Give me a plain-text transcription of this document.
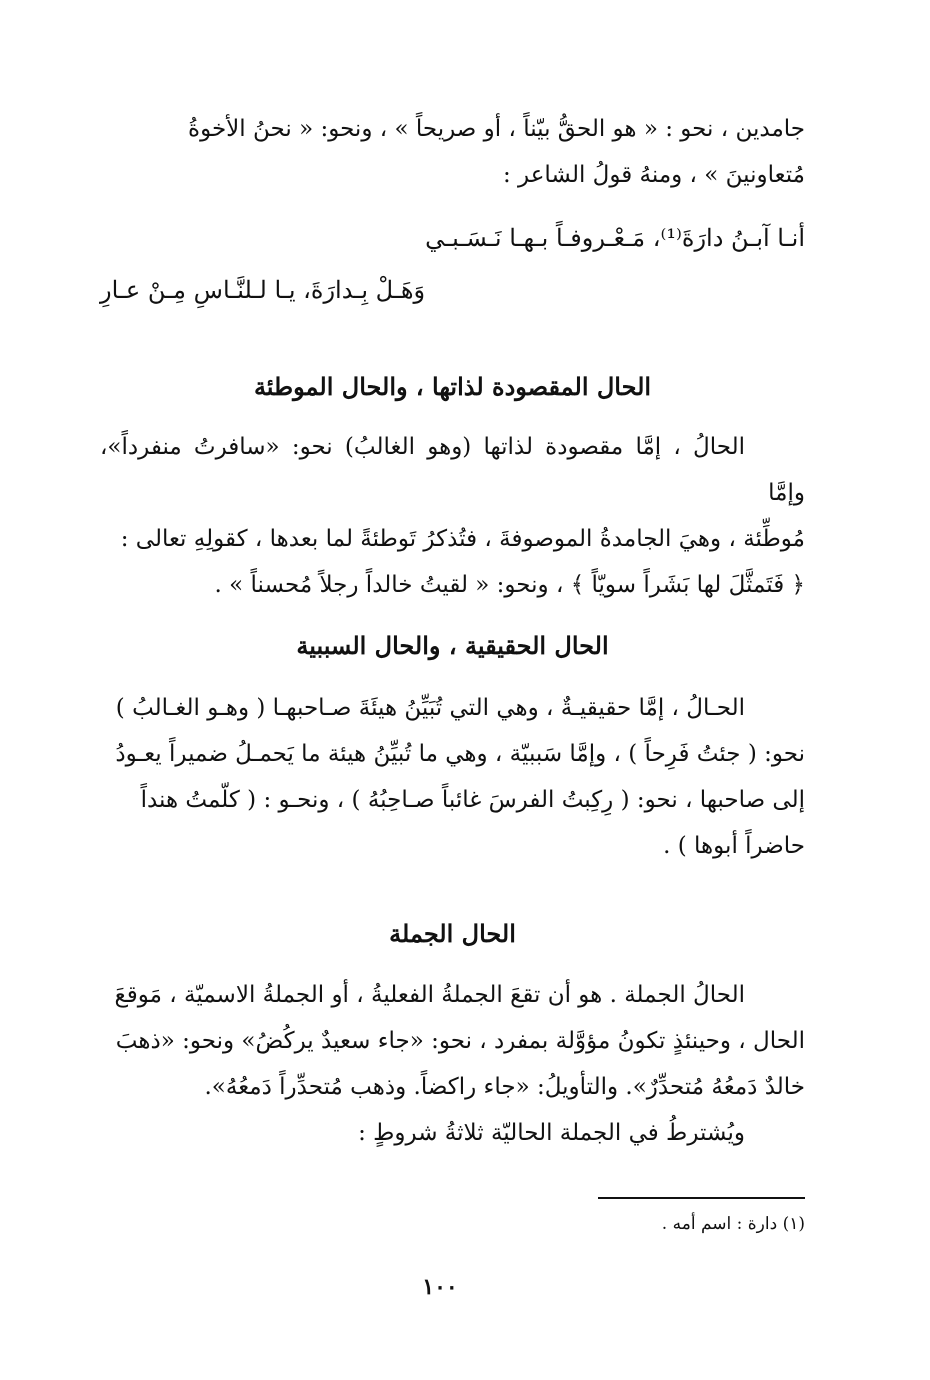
جامدين ، نحو : « هو الحقُّ بيّناً ، أو صريحاً » ، ونحو: « نحنُ الأخوةُ

مُتعاونينَ » ، ومنهُ قولُ الشاعر :

أنـا آبـنُ دارَةَ⁽¹⁾، مَـعْـروفـاً بـهـا نَـسَـبـي
وَهَـلْ بِـدارَةَ، يـا لـلنَّـاسِ مِـنْ عـارِ
الحال المقصودة لذاتها ، والحال الموطئة

الحالُ ، إمَّا مقصودة لذاتها (وهو الغالبُ) نحو: «سافرتُ منفرداً»، وإمَّا

مُوطِّئة ، وهيَ الجامدةُ الموصوفةَ ، فتُذكرُ تَوطئةً لما بعدها ، كقولِهِ تعالى :

﴿ فَتَمثَّلَ لها بَشَراً سويّاً ﴾ ، ونحو: « لقيتُ خالداً رجلاً مُحسناً » .

الحال الحقيقية ، والحال السببية

الحـالُ ، إمَّا حقيقيـةٌ ، وهي التي تُبَيِّنُ هيئَةَ صـاحبهـا ( وهـو الغـالبُ )

نحو: ( جئتُ فَرِحاً ) ، وإمَّا سَببيّة ، وهي ما تُبيِّنُ هيئة ما يَحمـلُ ضميراً يعـودُ

إلى صاحبها ، نحو: ( رِكِبتُ الفرسَ غائباً صـاحِبُهُ ) ، ونحـو : ( كلّمتُ هنداً

حاضراً أبوها ) .

الحال الجملة

الحالُ الجملة . هو أن تقعَ الجملةُ الفعليةُ ، أو الجملةُ الاسميّة ، مَوقعَ

الحال ، وحينئذٍ تكونُ مؤوَّلة بمفرد ، نحو: «جاء سعيدٌ يركُضُ» ونحو: «ذهبَ

خالدٌ دَمعُهُ مُتحدِّرٌ». والتأويلُ: «جاء راكضاً. وذهب مُتحدِّراً دَمعُهُ».

ويُشترطُ في الجملة الحاليّة ثلاثةُ شروطٍ :

(١) دارة : اسم أمه .
١٠٠
